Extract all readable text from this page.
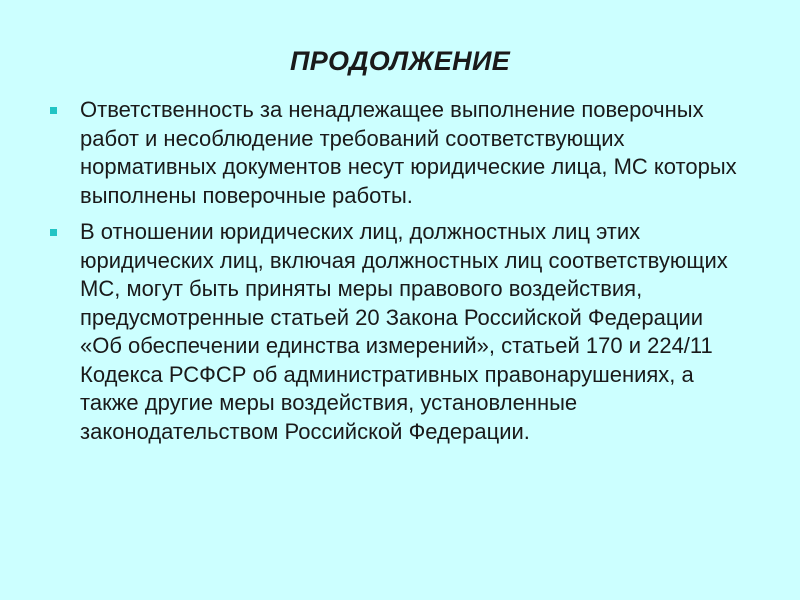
ПРОДОЛЖЕНИЕ
Ответственность за ненадлежащее выполнение поверочных работ и несоблюдение требований соответствующих нормативных документов несут юридические лица, МС которых выполнены поверочные работы.
В отношении юридических лиц, должностных лиц этих юридических лиц, включая должностных лиц соответствующих МС, могут быть приняты меры правового воздействия, предусмотренные статьей 20 Закона Российской Федерации «Об обеспечении единства измерений», статьей 170 и 224/11 Кодекса РСФСР об административных правонарушениях, а также другие меры воздействия, установленные законодательством Российской Федерации.
